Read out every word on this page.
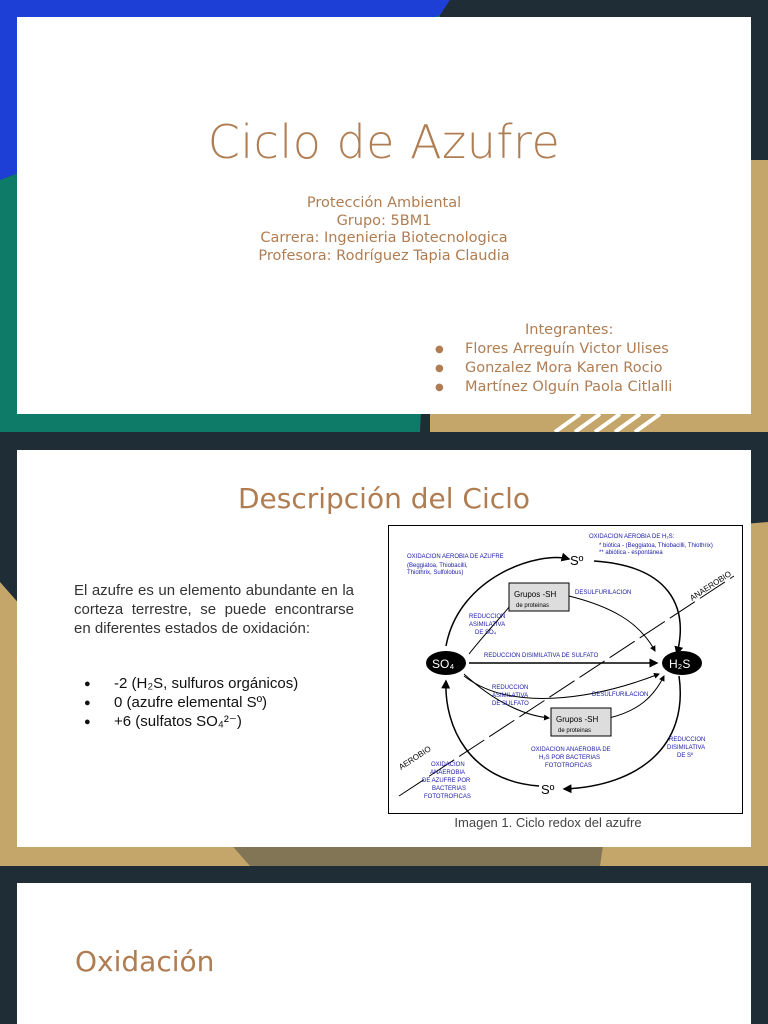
Ciclo de Azufre
Protección Ambiental
Grupo: 5BM1
Carrera: Ingenieria Biotecnologica
Profesora: Rodríguez Tapia Claudia
Integrantes:
● Flores Arreguín Victor Ulises
● Gonzalez Mora Karen Rocio
● Martínez Olguín Paola Citlalli
Descripción del Ciclo
El azufre es un elemento abundante en la corteza terrestre, se puede encontrarse en diferentes estados de oxidación:
● -2 (H₂S, sulfuros orgánicos)
● 0 (azufre elemental Sº)
● +6 (sulfatos SO₄²⁻)
Sº
Sº
SO₄	H₂S
Grupos -SH
de proteinas
Grupos -SH
de proteinas
OXIDACION AEROBIA DE H₂S:
* biótica - (Beggiatoa, Thiobacilli, Thiothrix)
** abiótica - espontánea
OXIDACION AEROBIA DE AZUFRE
(Beggiatoa, Thiobacilli,
Thiothrix, Sulfolobus)
DESULFURILACION
REDUCCION
ASIMILATIVA
DE SO₄
ANAEROBIO
REDUCCION DISIMILATIVA DE SULFATO
REDUCCION
ASIMILATIVA
DE SULFATO
DESULFURILACION
AEROBIO	OXIDACION ANAEROBIA DE
H₂S POR BACTERIAS
FOTOTROFICAS
REDUCCION
DISIMILATIVA
DE Sº
OXIDACION
ANAEROBIA
DE AZUFRE POR
BACTERIAS
FOTOTROFICAS
Imagen 1. Ciclo redox del azufre
Oxidación
